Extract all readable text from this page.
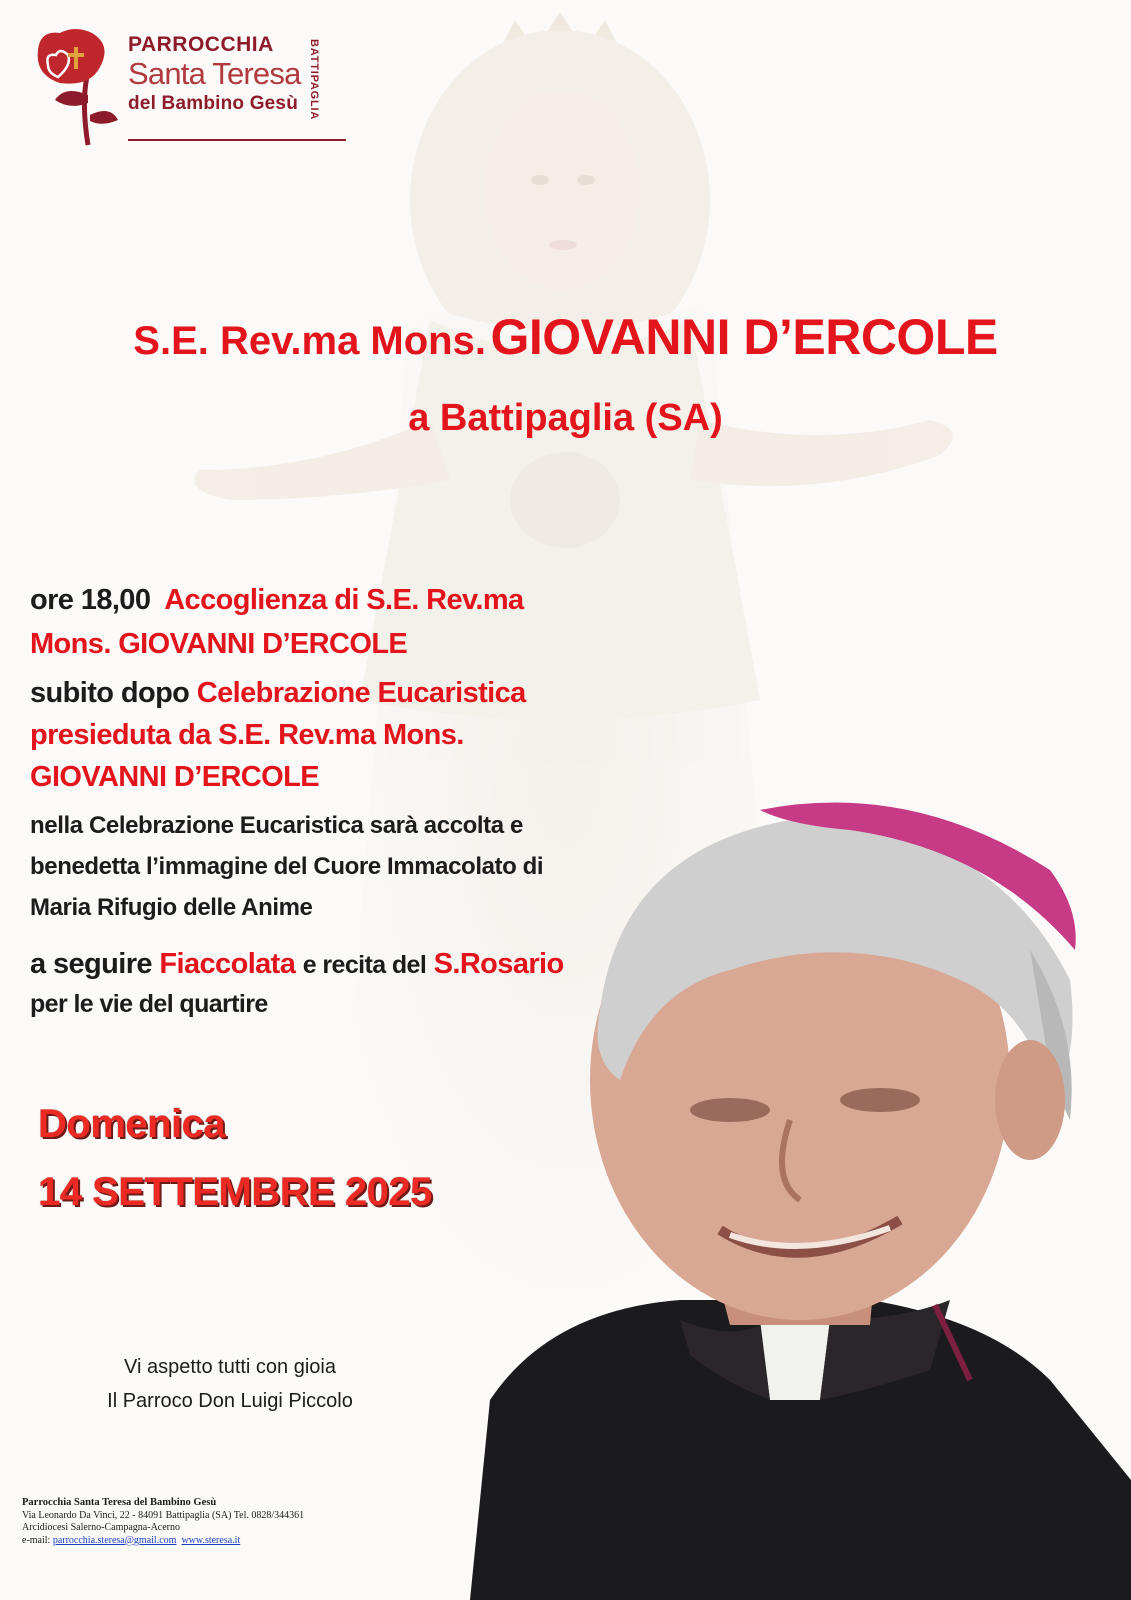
PARROCCHIA
Santa Teresa
del Bambino Gesù BATTIPAGLIA
S.E. Rev.ma Mons. GIOVANNI D’ERCOLE
a Battipaglia (SA)
ore 18,00 Accoglienza di S.E. Rev.ma
Mons. GIOVANNI D’ERCOLE
subito dopo Celebrazione Eucaristica
presieduta da S.E. Rev.ma Mons.
GIOVANNI D’ERCOLE
nella Celebrazione Eucaristica sarà accolta e
benedetta l’immagine del Cuore Immacolato di
Maria Rifugio delle Anime
a seguire Fiaccolata e recita del S.Rosario
per le vie del quartire
Domenica
14 SETTEMBRE 2025
Vi aspetto tutti con gioia
Il Parroco Don Luigi Piccolo
Parrocchia Santa Teresa del Bambino Gesù
Via Leonardo Da Vinci, 22 - 84091 Battipaglia (SA) Tel. 0828/344361
Arcidiocesi Salerno-Campagna-Acerno
e-mail: parrocchia.steresa@gmail.com www.steresa.it
